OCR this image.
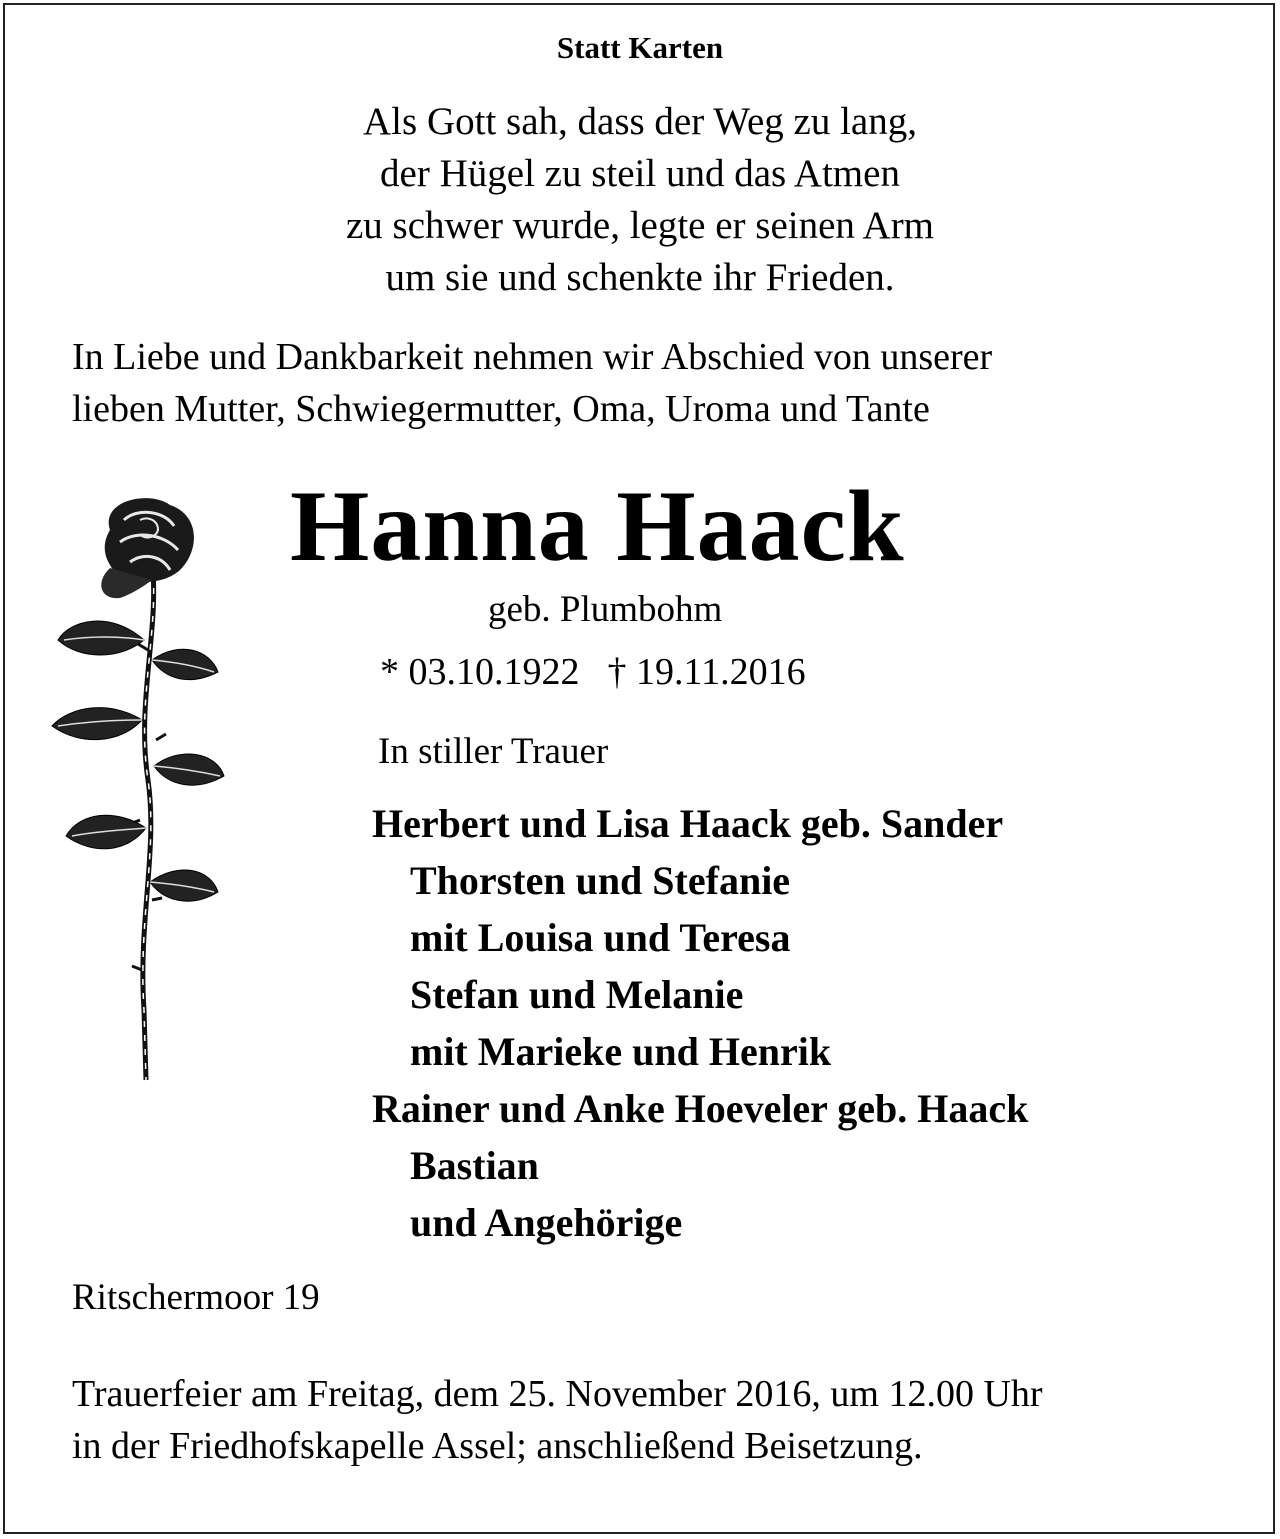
Statt Karten
Als Gott sah, dass der Weg zu lang,
der Hügel zu steil und das Atmen
zu schwer wurde, legte er seinen Arm
um sie und schenkte ihr Frieden.
In Liebe und Dankbarkeit nehmen wir Abschied von unserer
lieben Mutter, Schwiegermutter, Oma, Uroma und Tante
Hanna Haack
geb. Plumbohm
* 03.10.1922 † 19.11.2016
In stiller Trauer
Herbert und Lisa Haack geb. Sander
Thorsten und Stefanie
mit Louisa und Teresa
Stefan und Melanie
mit Marieke und Henrik
Rainer und Anke Hoeveler geb. Haack
Bastian
und Angehörige
Ritschermoor 19
Trauerfeier am Freitag, dem 25. November 2016, um 12.00 Uhr
in der Friedhofskapelle Assel; anschließend Beisetzung.
